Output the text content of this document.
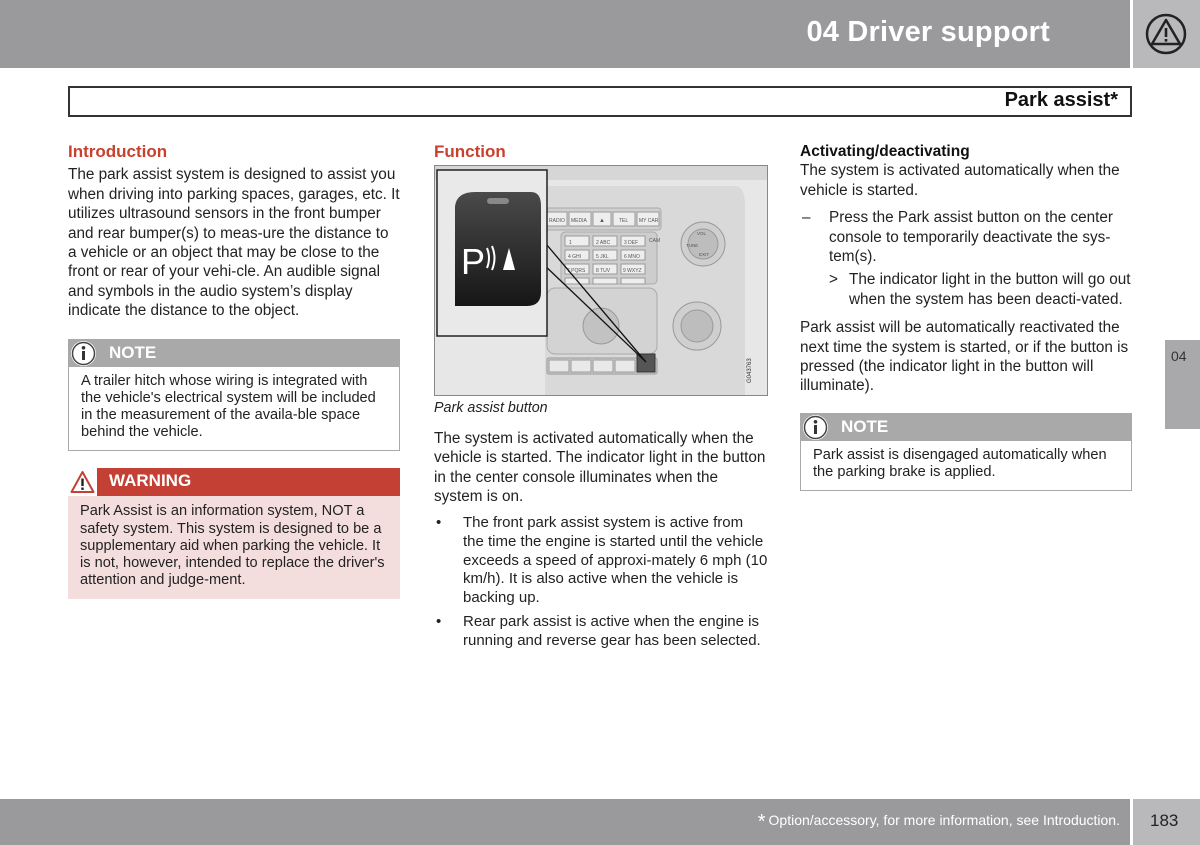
04 Driver support
Park assist*
Introduction

The park assist system is designed to assist you when driving into parking spaces, garages, etc. It utilizes ultrasound sensors in the front bumper and rear bumper(s) to meas-ure the distance to a vehicle or an object that may be close to the front or rear of your vehi-cle. An audible signal and symbols in the audio system’s display indicate the distance to the object.

NOTE
A trailer hitch whose wiring is integrated with the vehicle's electrical system will be included in the measurement of the availa-ble space behind the vehicle.
WARNING
Park Assist is an information system, NOT a safety system. This system is designed to be a supplementary aid when parking the vehicle. It is not, however, intended to replace the driver's attention and judge-ment.
Function
RADIO MEDIA ▲	TEL MY CAR
1	2 ABC	3 DEF
4 GHI	5 JKL	6 MNO
7 PQRS 8 TUV	9 WXYZ
CAM
VOL
TUNE
EXIT
P
G043763
Park assist button

The system is activated automatically when the vehicle is started. The indicator light in the button in the center console illuminates when the system is on.

• The front park assist system is active from the time the engine is started until the vehicle exceeds a speed of approxi-mately 6 mph (10 km/h). It is also active when the vehicle is backing up.
• Rear park assist is active when the engine is running and reverse gear has been selected.
Activating/deactivating

The system is activated automatically when the vehicle is started.

– Press the Park assist button on the center console to temporarily deactivate the sys-tem(s).
> The indicator light in the button will go out when the system has been deacti-vated.

Park assist will be automatically reactivated the next time the system is started, or if the button is pressed (the indicator light in the button will illuminate).

NOTE
Park assist is disengaged automatically when the parking brake is applied.
04
* Option/accessory, for more information, see Introduction. 183
